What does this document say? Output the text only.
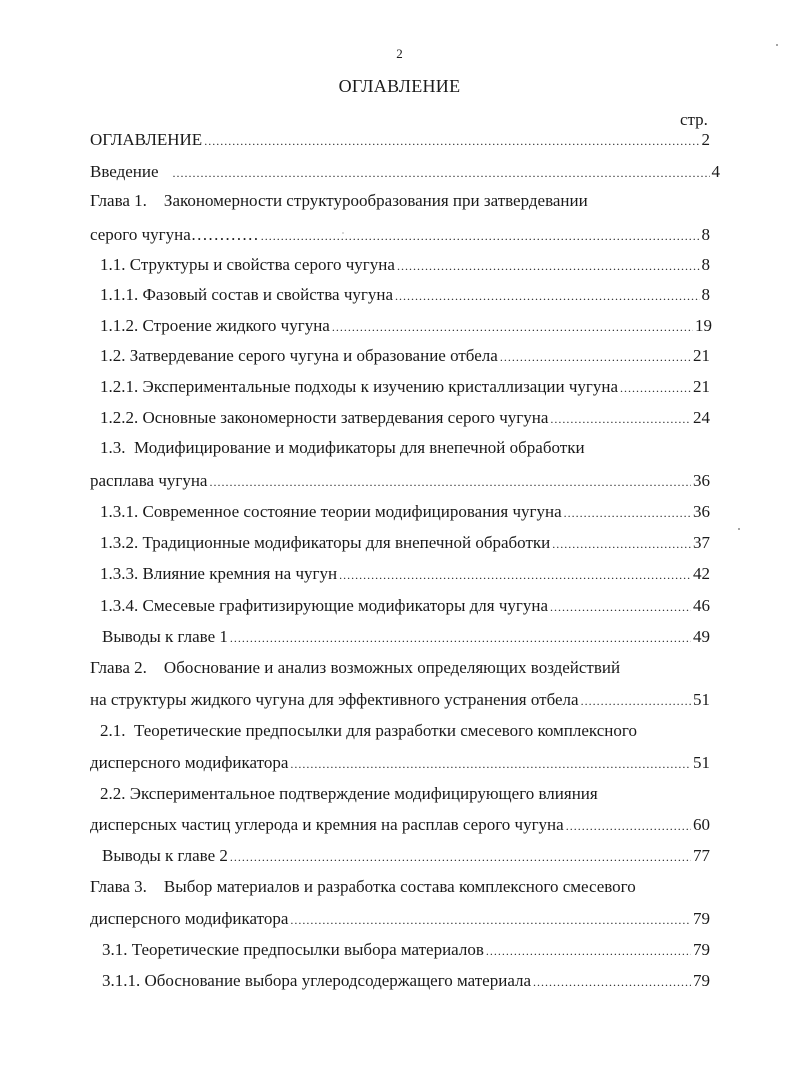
2
ОГЛАВЛЕНИЕ
стр.
ОГЛАВЛЕНИЕ .....	2
Введение .....	4
Глава 1.    Закономерности структурообразования при затвердевании
серого чугуна………… .....	8
1.1. Структуры и свойства серого чугуна .....	8
1.1.1. Фазовый состав и свойства чугуна .....	8
1.1.2. Строение жидкого чугуна .....	19
1.2. Затвердевание серого чугуна и образование отбела .....	21
1.2.1. Экспериментальные подходы к изучению кристаллизации чугуна .....	21
1.2.2. Основные закономерности затвердевания серого чугуна .....	24
1.3.  Модифицирование и модификаторы для внепечной обработки
расплава чугуна .....	36
1.3.1. Современное состояние теории модифицирования чугуна .....	36
1.3.2. Традиционные модификаторы для внепечной обработки .....	37
1.3.3. Влияние кремния на чугун .....	42
1.3.4. Смесевые графитизирующие модификаторы для чугуна .....	46
Выводы к главе 1 .....	49
Глава 2.    Обоснование и анализ возможных определяющих воздействий
на структуры жидкого чугуна для эффективного устранения отбела .....	51
2.1.  Теоретические предпосылки для разработки смесевого комплексного
дисперсного модификатора .....	51
2.2. Экспериментальное подтверждение модифицирующего влияния
дисперсных частиц углерода и кремния на расплав серого чугуна .....	60
Выводы к главе 2 .....	77
Глава 3.    Выбор материалов и разработка состава комплексного смесевого
дисперсного модификатора .....	79
3.1. Теоретические предпосылки выбора материалов .....	79
3.1.1. Обоснование выбора углеродсодержащего материала .....	79
